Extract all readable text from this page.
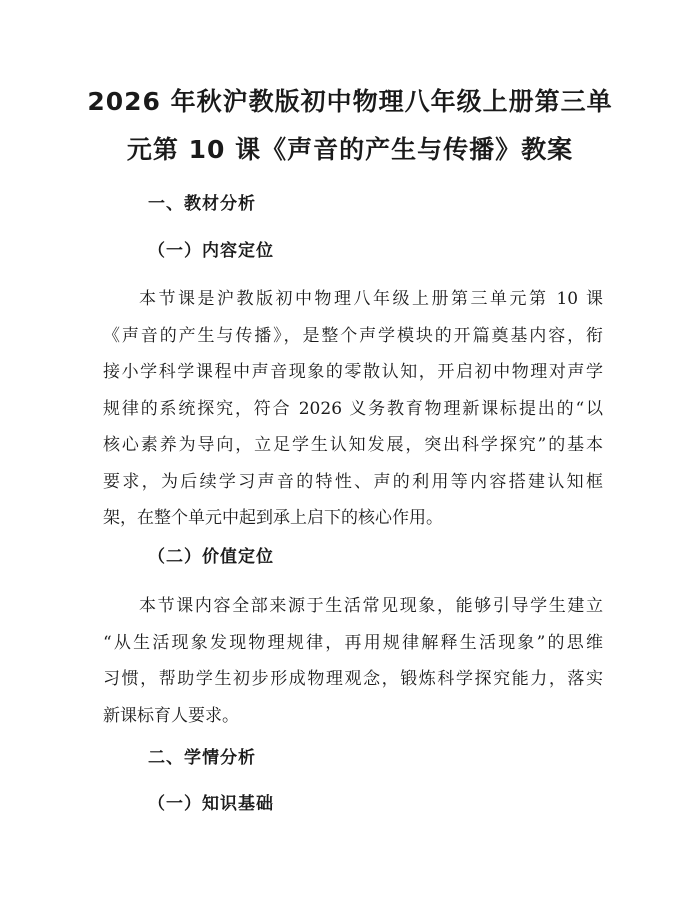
2026 年秋沪教版初中物理八年级上册第三单
元第 10 课《声音的产生与传播》教案
一、教材分析
（一）内容定位
本节课是沪教版初中物理八年级上册第三单元第 10 课
《声音的产生与传播》，是整个声学模块的开篇奠基内容，衔
接小学科学课程中声音现象的零散认知，开启初中物理对声学
规律的系统探究，符合 2026 义务教育物理新课标提出的“以
核心素养为导向，立足学生认知发展，突出科学探究”的基本
要求，为后续学习声音的特性、声的利用等内容搭建认知框
架，在整个单元中起到承上启下的核心作用。
（二）价值定位
本节课内容全部来源于生活常见现象，能够引导学生建立
“从生活现象发现物理规律，再用规律解释生活现象”的思维
习惯，帮助学生初步形成物理观念，锻炼科学探究能力，落实
新课标育人要求。
二、学情分析
（一）知识基础
